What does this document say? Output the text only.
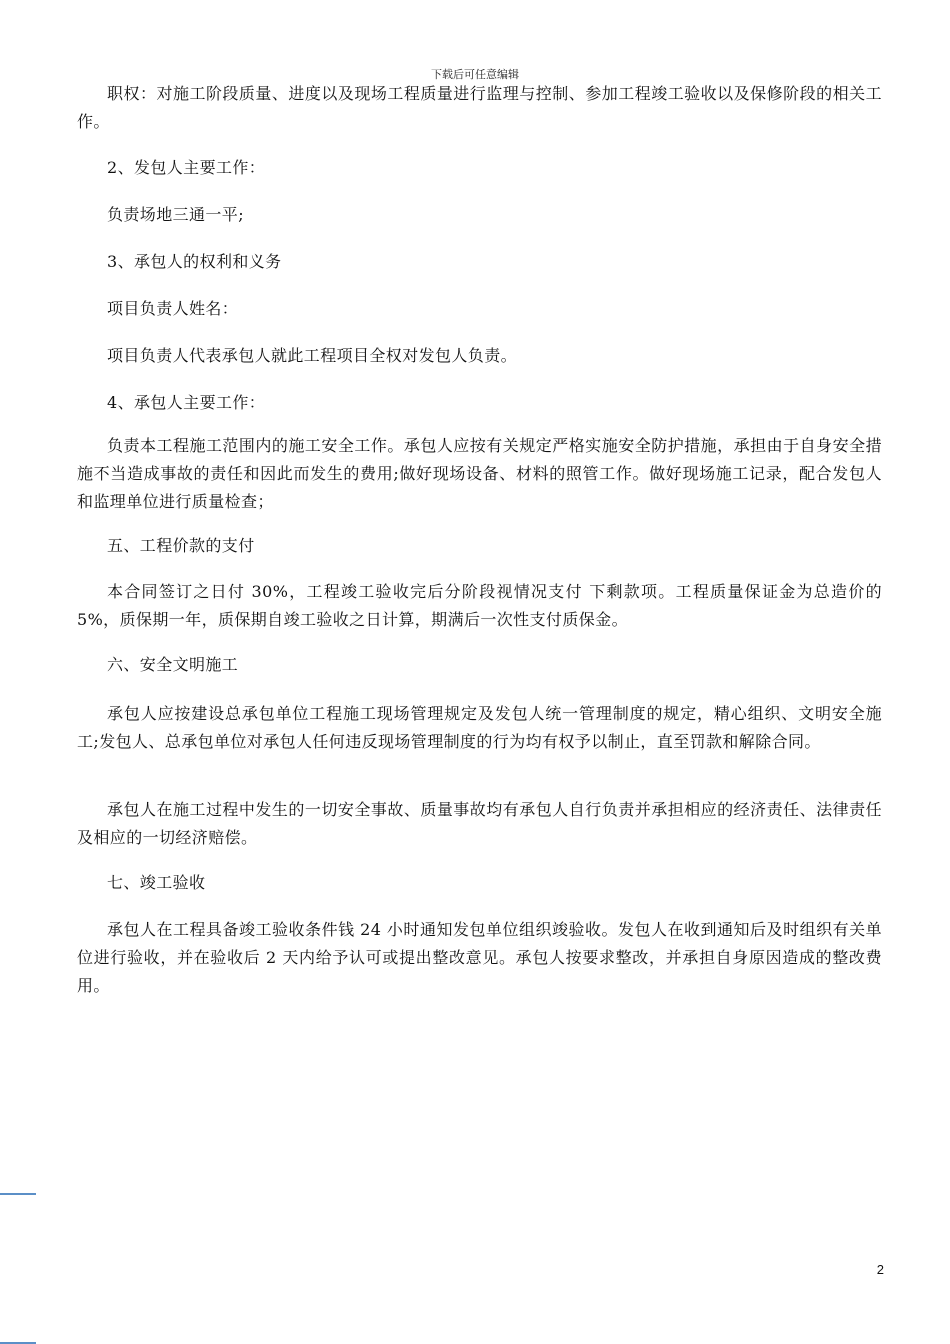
下载后可任意编辑

职权：对施工阶段质量、进度以及现场工程质量进行监理与控制、参加工程竣工验收以及保修阶段的相关工作。

2、发包人主要工作：

负责场地三通一平;

3、承包人的权利和义务

项目负责人姓名：

项目负责人代表承包人就此工程项目全权对发包人负责。

4、承包人主要工作：

负责本工程施工范围内的施工安全工作。承包人应按有关规定严格实施安全防护措施，承担由于自身安全措施不当造成事故的责任和因此而发生的费用;做好现场设备、材料的照管工作。做好现场施工记录，配合发包人和监理单位进行质量检查；

五、工程价款的支付

本合同签订之日付 30%，工程竣工验收完后分阶段视情况支付 下剩款项。工程质量保证金为总造价的 5%，质保期一年，质保期自竣工验收之日计算，期满后一次性支付质保金。

六、安全文明施工

承包人应按建设总承包单位工程施工现场管理规定及发包人统一管理制度的规定，精心组织、文明安全施工;发包人、总承包单位对承包人任何违反现场管理制度的行为均有权予以制止，直至罚款和解除合同。

承包人在施工过程中发生的一切安全事故、质量事故均有承包人自行负责并承担相应的经济责任、法律责任及相应的一切经济赔偿。

七、竣工验收

承包人在工程具备竣工验收条件钱 24 小时通知发包单位组织竣验收。发包人在收到通知后及时组织有关单位进行验收，并在验收后 2 天内给予认可或提出整改意见。承包人按要求整改，并承担自身原因造成的整改费用。

2
